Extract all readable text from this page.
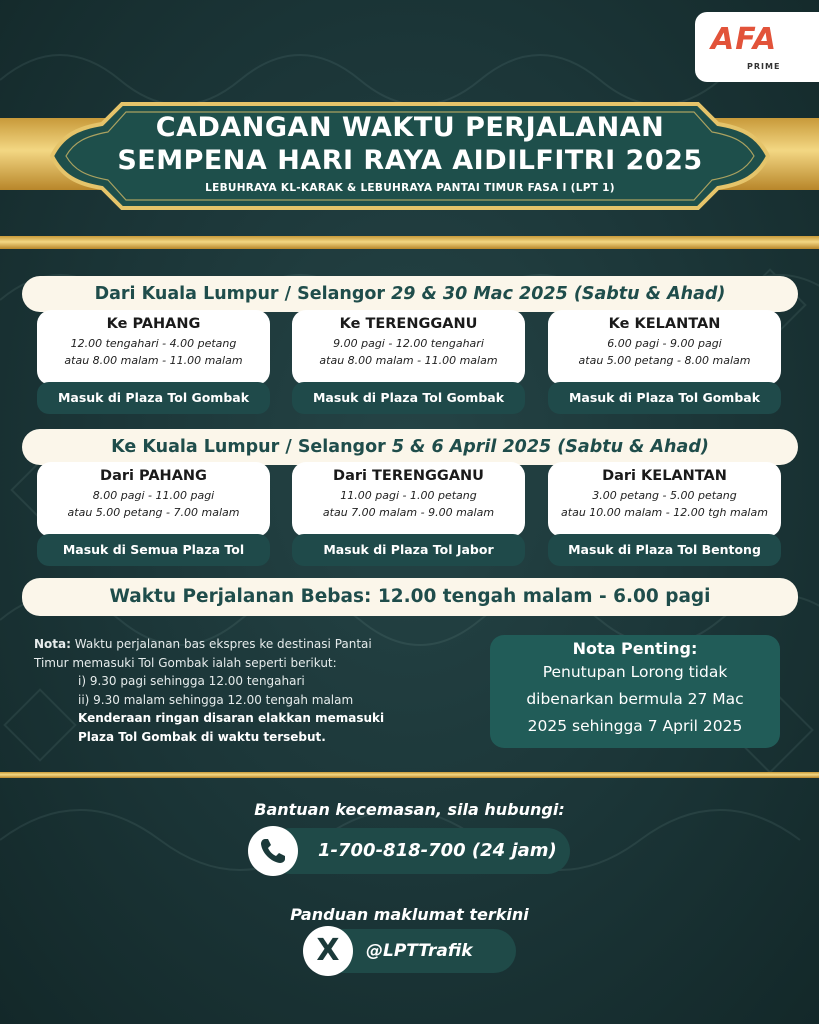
AFA
PRIME
CADANGAN WAKTU PERJALANAN
SEMPENA HARI RAYA AIDILFITRI 2025
LEBUHRAYA KL-KARAK & LEBUHRAYA PANTAI TIMUR FASA I (LPT 1)
Dari Kuala Lumpur / Selangor 29 & 30 Mac 2025 (Sabtu & Ahad)
Ke PAHANG
12.00 tengahari - 4.00 petang
atau 8.00 malam - 11.00 malam
Masuk di Plaza Tol Gombak
Ke TERENGGANU
9.00 pagi - 12.00 tengahari
atau 8.00 malam - 11.00 malam
Masuk di Plaza Tol Gombak
Ke KELANTAN
6.00 pagi - 9.00 pagi
atau 5.00 petang - 8.00 malam
Masuk di Plaza Tol Gombak
Ke Kuala Lumpur / Selangor 5 & 6 April 2025 (Sabtu & Ahad)
Dari PAHANG
8.00 pagi - 11.00 pagi
atau 5.00 petang - 7.00 malam
Masuk di Semua Plaza Tol
Dari TERENGGANU
11.00 pagi - 1.00 petang
atau 7.00 malam - 9.00 malam
Masuk di Plaza Tol Jabor
Dari KELANTAN
3.00 petang - 5.00 petang
atau 10.00 malam - 12.00 tgh malam
Masuk di Plaza Tol Bentong
Waktu Perjalanan Bebas: 12.00 tengah malam - 6.00 pagi
Nota: Waktu perjalanan bas ekspres ke destinasi Pantai
Timur memasuki Tol Gombak ialah seperti berikut:
i) 9.30 pagi sehingga 12.00 tengahari
ii) 9.30 malam sehingga 12.00 tengah malam
Kenderaan ringan disaran elakkan memasuki
Plaza Tol Gombak di waktu tersebut.
Nota Penting:
Penutupan Lorong tidak
dibenarkan bermula 27 Mac
2025 sehingga 7 April 2025
Bantuan kecemasan, sila hubungi:
1-700-818-700 (24 jam)
Panduan maklumat terkini
@LPTTrafik
X
